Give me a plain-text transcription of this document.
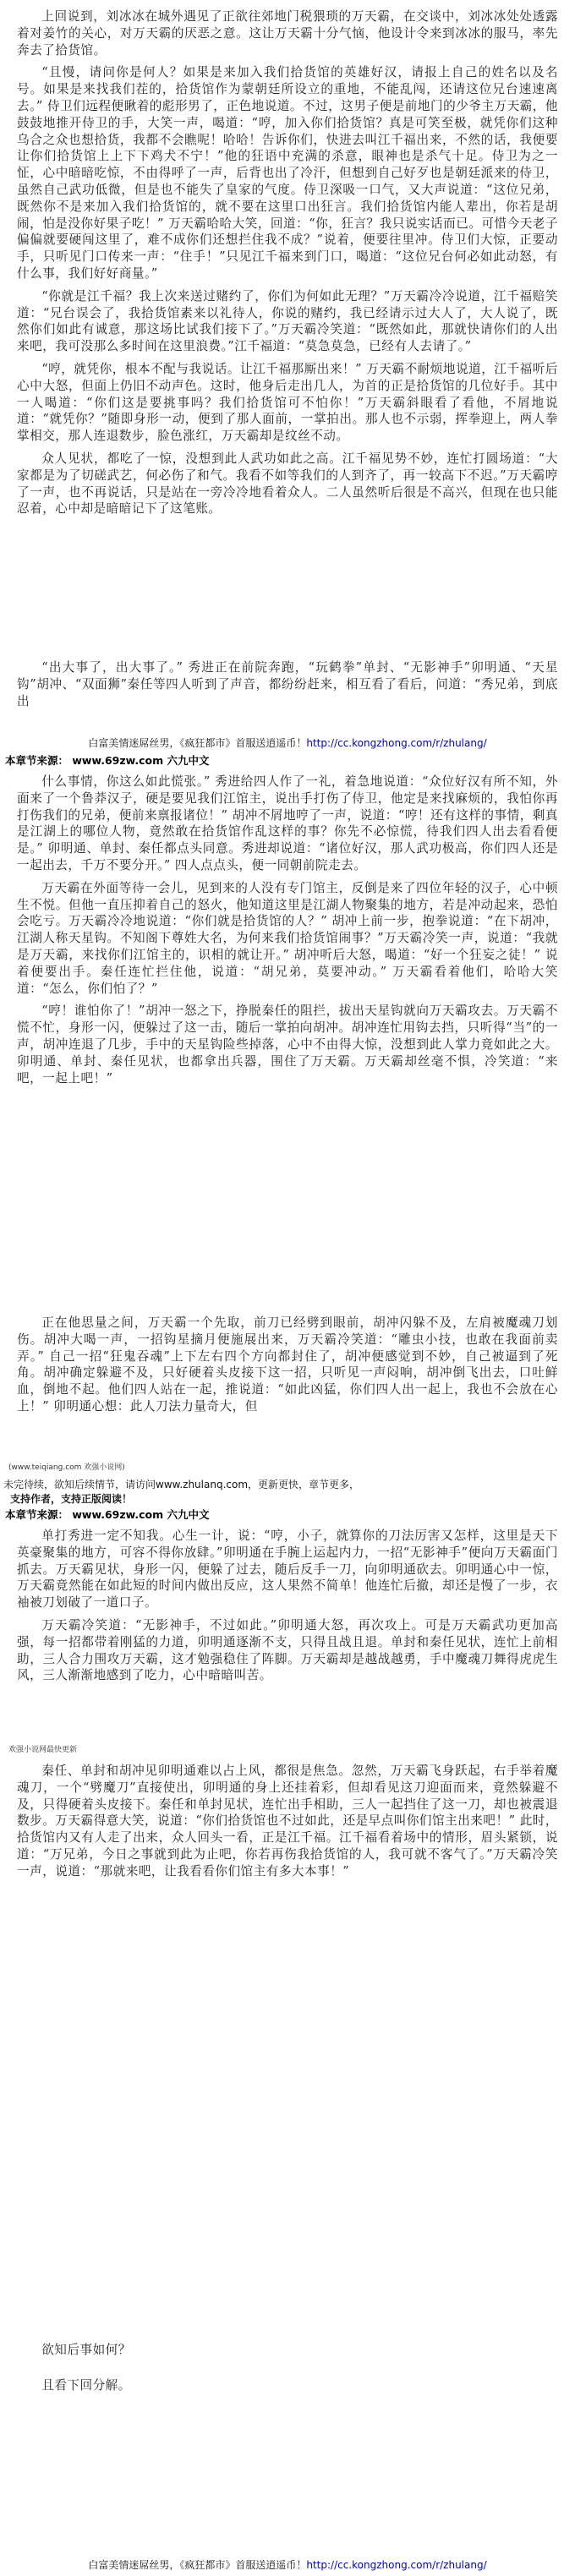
上回说到，刘冰冰在城外遇见了正欲往郊地门税猥琐的万天霸，在交谈中，刘冰冰处处透露着对姜竹的关心，对万天霸的厌恶之意。这让万天霸十分气恼，他设计令来到冰冰的服马，率先奔去了拾货馆。

“且慢，请问你是何人？如果是来加入我们拾货馆的英雄好汉，请报上自己的姓名以及名号。如果是来找我们茬的，拾货馆作为蒙朝廷所设立的重地，不能乱闯，还请这位兄台速速离去。” 侍卫们远程便瞅着的彪形男了，正色地说道。不过，这男子便是前地门的少爷主万天霸，他鼓鼓地推开侍卫的手，大笑一声，喝道：“哼，加入你们拾货馆？真是可笑至极，就凭你们这种乌合之众也想拾货，我都不会瞧呢！哈哈！告诉你们，快进去叫江千福出来，不然的话，我便要让你们拾货馆上上下下鸡犬不宁！”他的狂语中充满的杀意，眼神也是杀气十足。侍卫为之一怔，心中暗暗吃惊，不由得呼了一声，后背也出了冷汗，但想到自己好歹也是朝廷派来的侍卫，虽然自己武功低微，但是也不能失了皇家的气度。侍卫深吸一口气，又大声说道：“这位兄弟，既然你不是来加入我们拾货馆的，就不要在这里口出狂言。我们拾货馆内能人辈出，你若是胡闹，怕是没你好果子吃！” 万天霸哈哈大笑，回道：“你，狂言？我只说实话而已。可惜今天老子偏偏就要硬闯这里了，难不成你们还想拦住我不成？”说着，便要往里冲。侍卫们大惊，正要动手，只听见门口传来一声：“住手！”只见江千福来到门口，喝道：“这位兄台何必如此动怒，有什么事，我们好好商量。”

“你就是江千福？我上次来送过赌约了，你们为何如此无理？”万天霸冷冷说道，江千福赔笑道：“兄台误会了，我拾货馆素来以礼待人，你说的赌约，我已经请示过大人了，大人说了，既然你们如此有诚意，那这场比试我们接下了。”万天霸冷笑道：“既然如此，那就快请你们的人出来吧，我可没那么多时间在这里浪费。”江千福道：“莫急莫急，已经有人去请了。”

“哼，就凭你，根本不配与我说话。让江千福那厮出来！” 万天霸不耐烦地说道，江千福听后心中大怒，但面上仍旧不动声色。这时，他身后走出几人，为首的正是拾货馆的几位好手。其中一人喝道：“你们这是要挑事吗？我们拾货馆可不怕你！”万天霸斜眼看了看他，不屑地说道：“就凭你？”随即身形一动，便到了那人面前，一掌拍出。那人也不示弱，挥拳迎上，两人拳掌相交，那人连退数步，脸色涨红，万天霸却是纹丝不动。

众人见状，都吃了一惊，没想到此人武功如此之高。江千福见势不妙，连忙打圆场道：“大家都是为了切磋武艺，何必伤了和气。我看不如等我们的人到齐了，再一较高下不迟。”万天霸哼了一声，也不再说话，只是站在一旁冷冷地看着众人。二人虽然听后很是不高兴，但现在也只能忍着，心中却是暗暗记下了这笔账。

“出大事了，出大事了。” 秀进正在前院奔跑，“玩鹤拳”单封、“无影神手”卯明通、“天星钩”胡冲、“双面狮”秦任等四人听到了声音，都纷纷赶来，相互看了看后，问道：“秀兄弟，到底出

白富美情迷屌丝男，《疯狂都市》首服送逍遥币！http://cc.kongzhong.com/r/zhulang/
本章节来源： www.69zw.com 六九中文

什么事情，你这么如此慌张。” 秀进给四人作了一礼，着急地说道：“众位好汉有所不知，外面来了一个鲁莽汉子，硬是要见我们江馆主，说出手打伤了侍卫，他定是来找麻烦的，我怕你再打伤我们的兄弟，便前来禀报诸位！” 胡冲不屑地哼了一声，说道：“哼！还有这样的事情，剩真是江湖上的哪位人物，竟然敢在拾货馆作乱这样的事？你先不必惊慌，待我们四人出去看看便是。” 卯明通、单封、秦任都点头同意。秀进却说道：“诸位好汉，那人武功极高，你们四人还是一起出去，千万不要分开。” 四人点点头，便一同朝前院走去。

万天霸在外面等待一会儿，见到来的人没有专门馆主，反倒是来了四位年轻的汉子，心中顿生不悦。但他一直压抑着自己的怒火，他知道这里是江湖人物聚集的地方，若是冲动起来，恐怕会吃亏。万天霸冷冷地说道：“你们就是拾货馆的人？” 胡冲上前一步，抱拳说道：“在下胡冲，江湖人称天星钩。不知阁下尊姓大名，为何来我们拾货馆闹事？”万天霸冷笑一声，说道：“我就是万天霸，来找你们江馆主的，识相的就让开。” 胡冲听后大怒，喝道：“好一个狂妄之徒！” 说着便要出手。秦任连忙拦住他，说道：“胡兄弟，莫要冲动。” 万天霸看着他们，哈哈大笑道：“怎么，你们怕了？”

“哼！谁怕你了！”胡冲一怒之下，挣脱秦任的阻拦，拔出天星钩就向万天霸攻去。万天霸不慌不忙，身形一闪，便躲过了这一击，随后一掌拍向胡冲。胡冲连忙用钩去挡，只听得“当”的一声，胡冲连退了几步，手中的天星钩险些掉落，心中不由得大惊，没想到此人掌力竟如此之大。卯明通、单封、秦任见状，也都拿出兵器，围住了万天霸。万天霸却丝毫不惧，冷笑道：“来吧，一起上吧！”

正在他思量之间，万天霸一个先取，前刀已经劈到眼前，胡冲闪躲不及，左肩被魔魂刀划伤。胡冲大喝一声，一招钩星摘月便施展出来，万天霸冷笑道：“雕虫小技，也敢在我面前卖弄。” 自己一招“狂鬼吞魂”上下左右四个方向都封住了，胡冲便感觉到不妙，自己被逼到了死角。胡冲确定躲避不及，只好硬着头皮接下这一招，只听见一声闷响，胡冲倒飞出去，口吐鲜血，倒地不起。他们四人站在一起，推说道：“如此凶猛，你们四人出一起上，我也不会放在心上！” 卯明通心想：此人刀法力量奇大，但

(www.teiqiang.com 欢强小说网)
未完待续，欲知后续情节，请访问www.zhulanq.com，更新更快，章节更多，
支持作者，支持正版阅读！
本章节来源： www.69zw.com 六九中文

单打秀进一定不知我。心生一计，说：“哼，小子，就算你的刀法厉害又怎样，这里是天下英豪聚集的地方，可容不得你放肆。”卯明通在手腕上运起内力，一招“无影神手”便向万天霸面门抓去。万天霸见状，身形一闪，便躲了过去，随后反手一刀，向卯明通砍去。卯明通心中一惊，万天霸竟然能在如此短的时间内做出反应，这人果然不简单！他连忙后撤，却还是慢了一步，衣袖被刀划破了一道口子。

万天霸冷笑道：“无影神手，不过如此。”卯明通大怒，再次攻上。可是万天霸武功更加高强，每一招都带着刚猛的力道，卯明通逐渐不支，只得且战且退。单封和秦任见状，连忙上前相助，三人合力围攻万天霸，这才勉强稳住了阵脚。万天霸却是越战越勇，手中魔魂刀舞得虎虎生风，三人渐渐地感到了吃力，心中暗暗叫苦。

欢强小说网最快更新

秦任、单封和胡冲见卯明通难以占上风，都很是焦急。忽然，万天霸飞身跃起，右手举着魔魂刀，一个“劈魔刀”直接使出，卯明通的身上还挂着彩，但却看见这刀迎面而来，竟然躲避不及，只得硬着头皮接下。秦任和单封见状，连忙出手相助，三人一起挡住了这一刀，却也被震退数步。万天霸得意大笑，说道：“你们拾货馆也不过如此，还是早点叫你们馆主出来吧！” 此时，拾货馆内又有人走了出来，众人回头一看，正是江千福。江千福看着场中的情形，眉头紧锁，说道：“万兄弟，今日之事就到此为止吧，你若再伤我拾货馆的人，我可就不客气了。”万天霸冷笑一声，说道：“那就来吧，让我看看你们馆主有多大本事！”

欲知后事如何？

且看下回分解。

白富美情迷屌丝男，《疯狂都市》首服送逍遥币！http://cc.kongzhong.com/r/zhulang/
